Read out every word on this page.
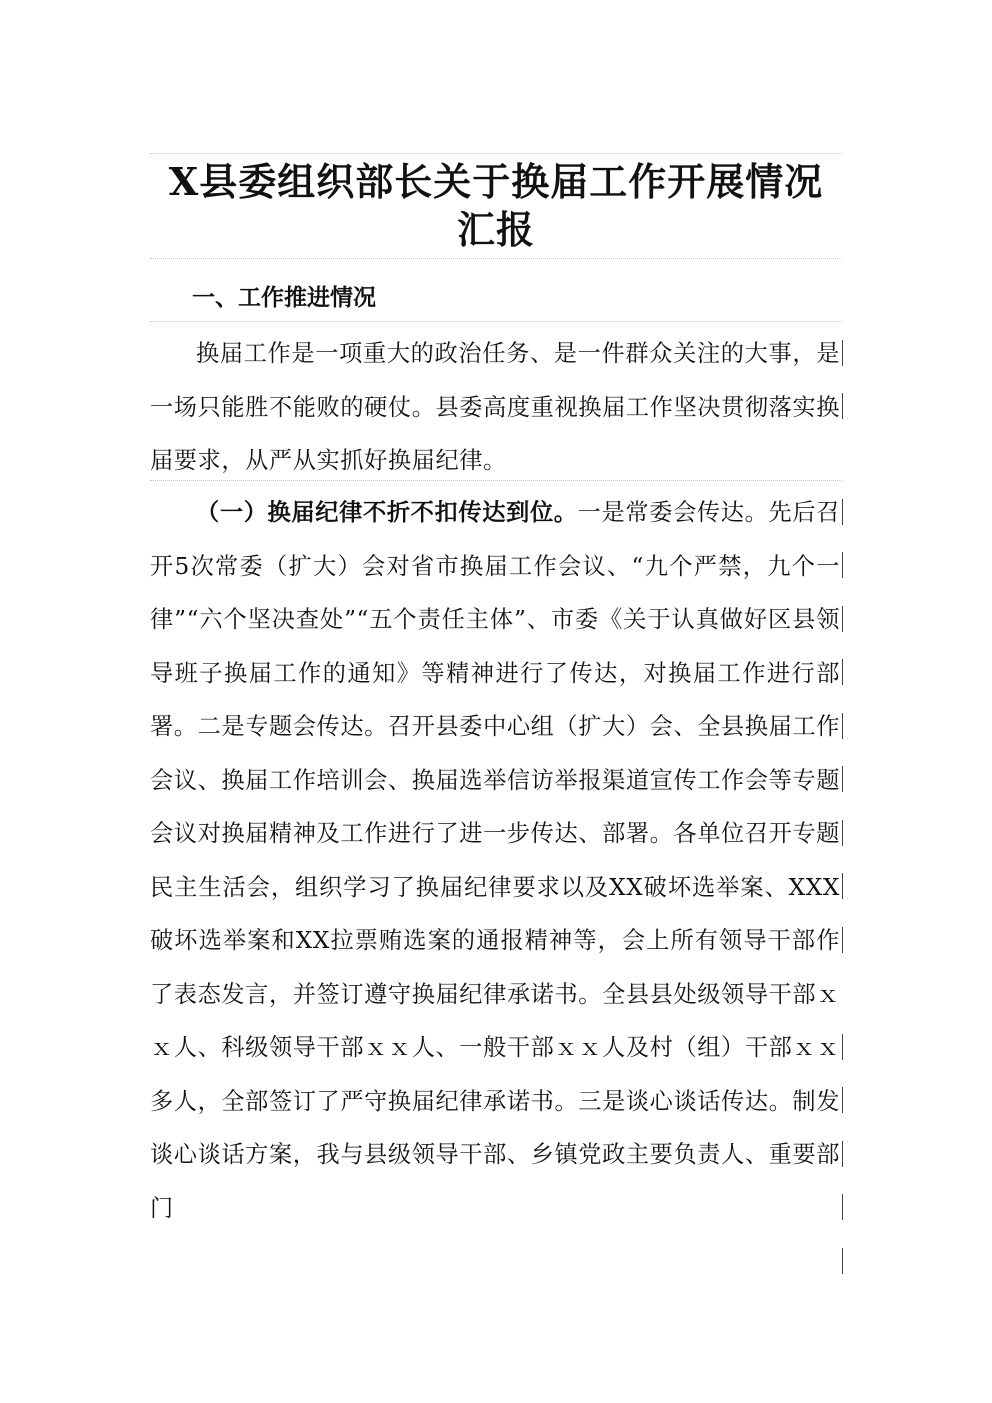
X县委组织部长关于换届工作开展情况汇报
一、工作推进情况

换届工作是一项重大的政治任务、是一件群众关注的大事，是一场只能胜不能败的硬仗。县委高度重视换届工作坚决贯彻落实换届要求，从严从实抓好换届纪律。

（一）换届纪律不折不扣传达到位。一是常委会传达。先后召开5次常委（扩大）会对省市换届工作会议、“九个严禁，九个一律”“六个坚决查处”“五个责任主体”、市委《关于认真做好区县领导班子换届工作的通知》等精神进行了传达，对换届工作进行部署。二是专题会传达。召开县委中心组（扩大）会、全县换届工作会议、换届工作培训会、换届选举信访举报渠道宣传工作会等专题会议对换届精神及工作进行了进一步传达、部署。各单位召开专题民主生活会，组织学习了换届纪律要求以及XX破坏选举案、XXX破坏选举案和XX拉票贿选案的通报精神等，会上所有领导干部作了表态发言，并签订遵守换届纪律承诺书。全县县处级领导干部ｘｘ人、科级领导干部ｘｘ人、一般干部ｘｘ人及村（组）干部ｘｘ多人，全部签订了严守换届纪律承诺书。三是谈心谈话传达。制发谈心谈话方案，我与县级领导干部、乡镇党政主要负责人、重要部门
